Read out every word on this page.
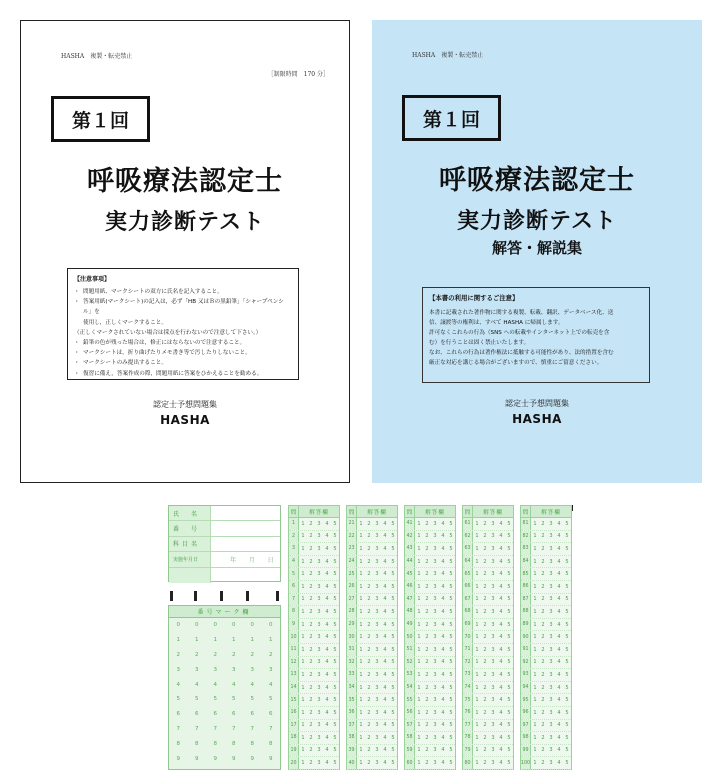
HASHA　複製・転売禁止
［制限時間　170 分］
第１回
呼吸療法認定士
実力診断テスト
【注意事項】
・ 問題用紙、マークシートの双方に氏名を記入すること。
・ 答案用紙(マークシート)の記入は，必ず「HB 又はＢの黒鉛筆」「シャープペンシル」を
使用し，正しくマークすること。
（正しくマークされていない場合は採点を行わないので注意して下さい。）
・ 鉛筆の色が残った場合は，修正にはならないので注意すること。
・ マークシートは，折り曲げたりメモ書き等で汚したりしないこと。
・ マークシートのみ提出すること。
・ 復習に備え，答案作成の際，問題用紙に答案をひかえることを勧める。
認定士予想問題集
HASHA
HASHA　複製・転売禁止
第１回
呼吸療法認定士
実力診断テスト
解答・解説集
【本書の利用に関するご注意】
本書に記載された著作物に関する複製、転載、翻訳、データベース化、送
信、譲渡等の権利は、すべて HASHA に帰属します。
許可なくこれらの行為（SNS への転載やインターネット上での転売を含
む）を行うことは固く禁止いたします。
なお、これらの行為は著作権法に抵触する可能性があり、法的措置を含む
厳正な対応を講じる場合がございますので、慎重にご留意ください。
認定士予想問題集
HASHA
氏　名
番　号
科目名
実施年月日	年 月 日
番号マーク欄
0	0	0	0	0	0
1	1	1	1	1	1
2	2	2	2	2	2
3	3	3	3	3	3
4	4	4	4	4	4
5	5	5	5	5	5
6	6	6	6	6	6
7	7	7	7	7	7
8	8	8	8	8	8
9	9	9	9	9	9
問	解答欄
1	1 2 3 4 5
2	1 2 3 4 5
3	1 2 3 4 5
4	1 2 3 4 5
5	1 2 3 4 5
6	1 2 3 4 5
7	1 2 3 4 5
8	1 2 3 4 5
9	1 2 3 4 5
10 1 2 3 4 5
11 1 2 3 4 5
12 1 2 3 4 5
13 1 2 3 4 5
14 1 2 3 4 5
15 1 2 3 4 5
16 1 2 3 4 5
17 1 2 3 4 5
18 1 2 3 4 5
19 1 2 3 4 5
20 1 2 3 4 5
問	解答欄
21 1 2 3 4 5
22 1 2 3 4 5
23 1 2 3 4 5
24 1 2 3 4 5
25 1 2 3 4 5
26 1 2 3 4 5
27 1 2 3 4 5
28 1 2 3 4 5
29 1 2 3 4 5
30 1 2 3 4 5
31 1 2 3 4 5
32 1 2 3 4 5
33 1 2 3 4 5
34 1 2 3 4 5
35 1 2 3 4 5
36 1 2 3 4 5
37 1 2 3 4 5
38 1 2 3 4 5
39 1 2 3 4 5
40 1 2 3 4 5
問	解答欄
41 1 2 3 4 5
42 1 2 3 4 5
43 1 2 3 4 5
44 1 2 3 4 5
45 1 2 3 4 5
46 1 2 3 4 5
47 1 2 3 4 5
48 1 2 3 4 5
49 1 2 3 4 5
50 1 2 3 4 5
51 1 2 3 4 5
52 1 2 3 4 5
53 1 2 3 4 5
54 1 2 3 4 5
55 1 2 3 4 5
56 1 2 3 4 5
57 1 2 3 4 5
58 1 2 3 4 5
59 1 2 3 4 5
60 1 2 3 4 5
問	解答欄
61 1 2 3 4 5
62 1 2 3 4 5
63 1 2 3 4 5
64 1 2 3 4 5
65 1 2 3 4 5
66 1 2 3 4 5
67 1 2 3 4 5
68 1 2 3 4 5
69 1 2 3 4 5
70 1 2 3 4 5
71 1 2 3 4 5
72 1 2 3 4 5
73 1 2 3 4 5
74 1 2 3 4 5
75 1 2 3 4 5
76 1 2 3 4 5
77 1 2 3 4 5
78 1 2 3 4 5
79 1 2 3 4 5
80 1 2 3 4 5
問	解答欄
81 1 2 3 4 5
82 1 2 3 4 5
83 1 2 3 4 5
84 1 2 3 4 5
85 1 2 3 4 5
86 1 2 3 4 5
87 1 2 3 4 5
88 1 2 3 4 5
89 1 2 3 4 5
90 1 2 3 4 5
91 1 2 3 4 5
92 1 2 3 4 5
93 1 2 3 4 5
94 1 2 3 4 5
95 1 2 3 4 5
96 1 2 3 4 5
97 1 2 3 4 5
98 1 2 3 4 5
99 1 2 3 4 5
100 1 2 3 4 5
